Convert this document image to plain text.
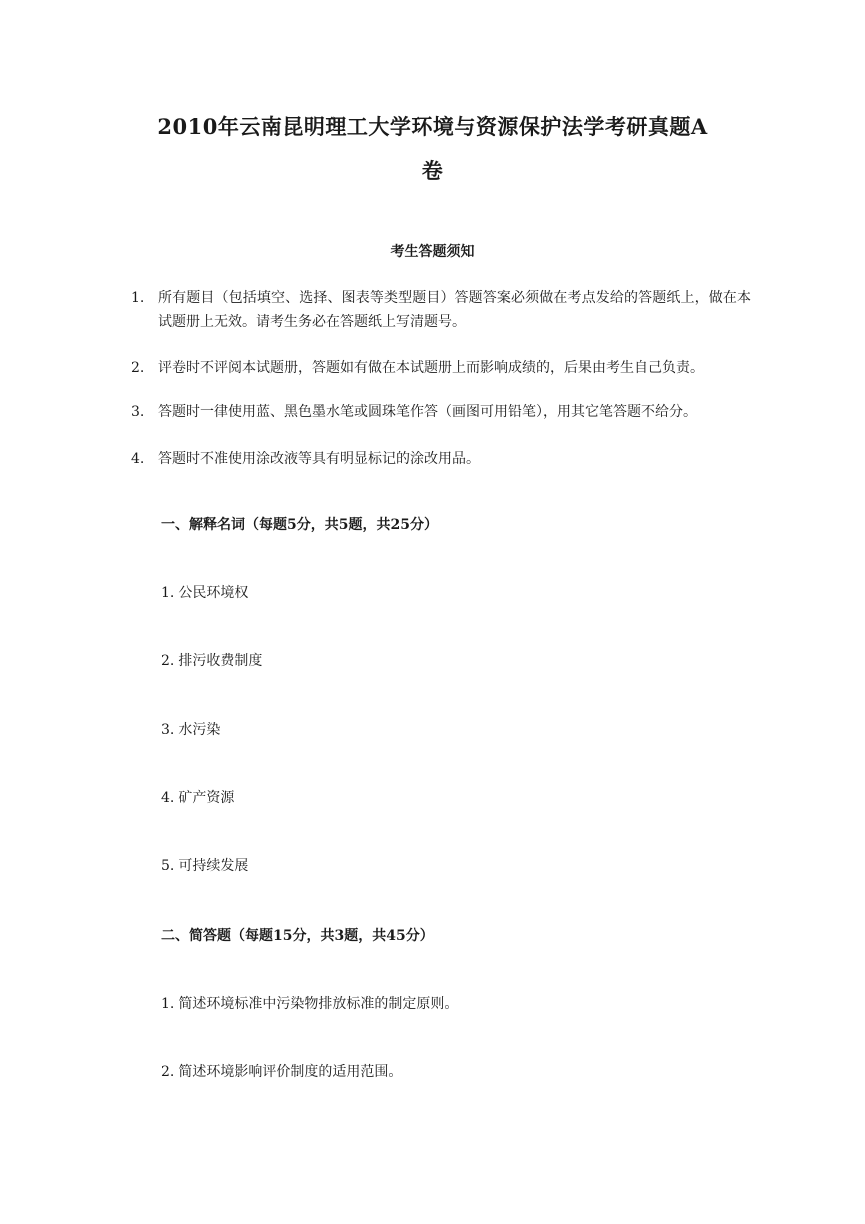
2010年云南昆明理工大学环境与资源保护法学考研真题A
卷
考生答题须知
1. 所有题目（包括填空、选择、图表等类型题目）答题答案必须做在考点发给的答题纸上，做在本试题册上无效。请考生务必在答题纸上写清题号。
2. 评卷时不评阅本试题册，答题如有做在本试题册上而影响成绩的，后果由考生自己负责。
3. 答题时一律使用蓝、黑色墨水笔或圆珠笔作答（画图可用铅笔），用其它笔答题不给分。
4. 答题时不准使用涂改液等具有明显标记的涂改用品。
一、解释名词（每题5分，共5题，共25分）

1. 公民环境权

2. 排污收费制度

3. 水污染

4. 矿产资源

5. 可持续发展

二、简答题（每题15分，共3题，共45分）

1. 简述环境标准中污染物排放标准的制定原则。

2. 简述环境影响评价制度的适用范围。
